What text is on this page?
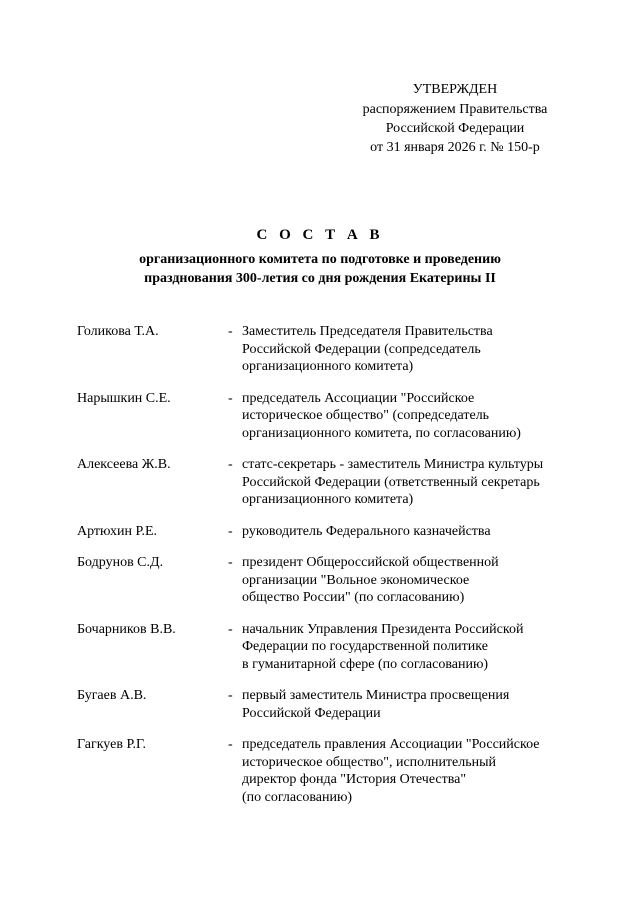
УТВЕРЖДЕН
распоряжением Правительства
Российской Федерации
от 31 января 2026 г. № 150-р
С О С Т А В
организационного комитета по подготовке и проведению
празднования 300-летия со дня рождения Екатерины II
Голикова Т.А.	- Заместитель Председателя Правительства
Российской Федерации (сопредседатель
организационного комитета)
Нарышкин С.Е.	- председатель Ассоциации "Российское
историческое общество" (сопредседатель
организационного комитета, по согласованию)
Алексеева Ж.В.	- статс-секретарь - заместитель Министра культуры
Российской Федерации (ответственный секретарь
организационного комитета)
Артюхин Р.Е.	- руководитель Федерального казначейства
Бодрунов С.Д.	- президент Общероссийской общественной
организации "Вольное экономическое
общество России" (по согласованию)
Бочарников В.В.	- начальник Управления Президента Российской
Федерации по государственной политике
в гуманитарной сфере (по согласованию)
Бугаев А.В.	- первый заместитель Министра просвещения
Российской Федерации
Гагкуев Р.Г.	- председатель правления Ассоциации "Российское
историческое общество", исполнительный
директор фонда "История Отечества"
(по согласованию)
